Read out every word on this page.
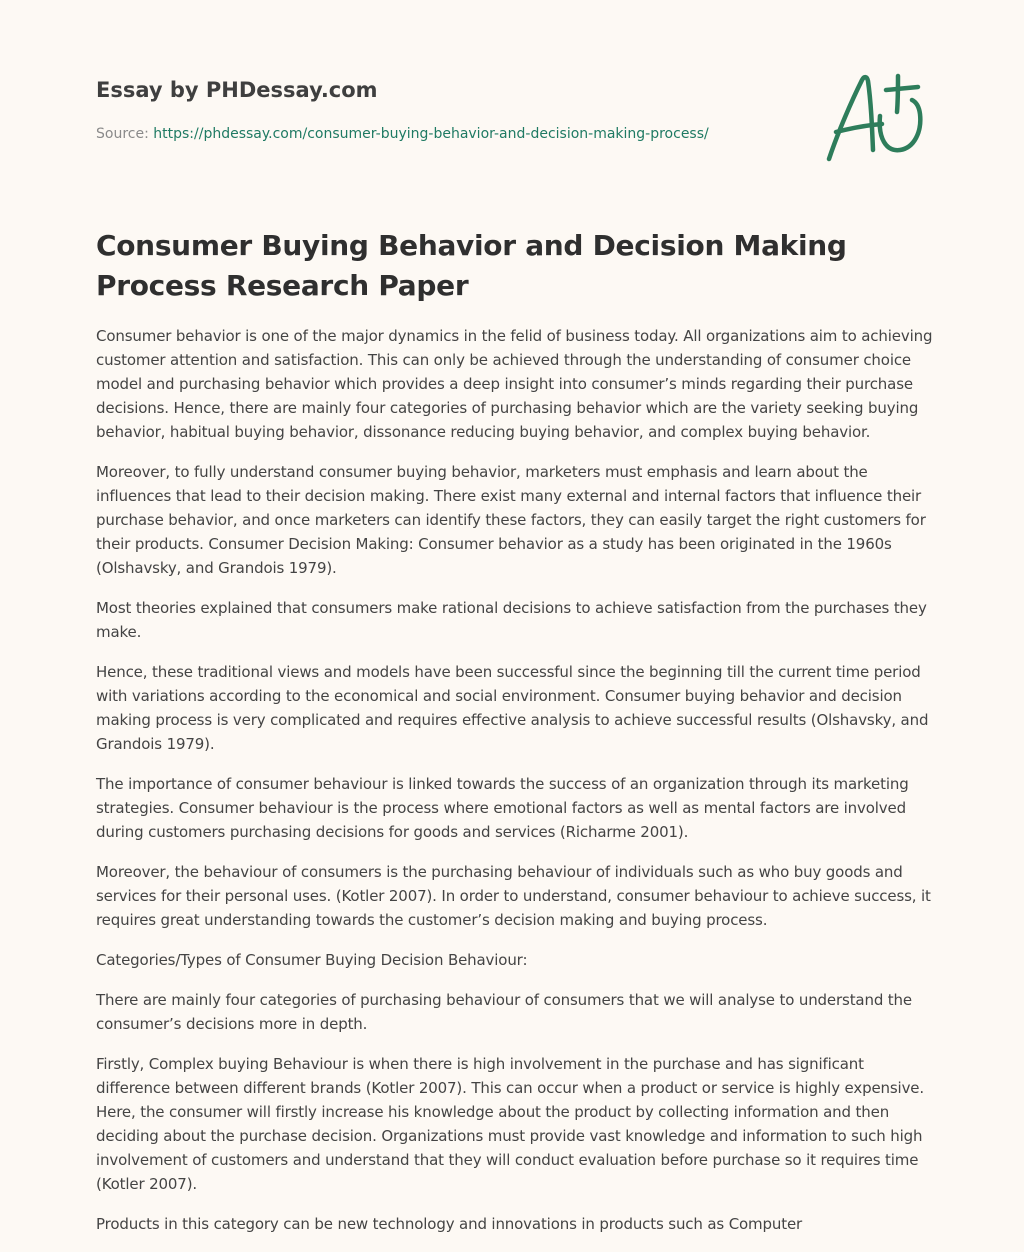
Essay by PHDessay.com
Source: https://phdessay.com/consumer-buying-behavior-and-decision-making-process/
Consumer Buying Behavior and Decision Making Process Research Paper

Consumer behavior is one of the major dynamics in the felid of business today. All organizations aim to achieving customer attention and satisfaction. This can only be achieved through the understanding of consumer choice model and purchasing behavior which provides a deep insight into consumer’s minds regarding their purchase decisions. Hence, there are mainly four categories of purchasing behavior which are the variety seeking buying behavior, habitual buying behavior, dissonance reducing buying behavior, and complex buying behavior.

Moreover, to fully understand consumer buying behavior, marketers must emphasis and learn about the influences that lead to their decision making. There exist many external and internal factors that influence their purchase behavior, and once marketers can identify these factors, they can easily target the right customers for their products. Consumer Decision Making: Consumer behavior as a study has been originated in the 1960s (Olshavsky, and Grandois 1979).

Most theories explained that consumers make rational decisions to achieve satisfaction from the purchases they make.

Hence, these traditional views and models have been successful since the beginning till the current time period with variations according to the economical and social environment. Consumer buying behavior and decision making process is very complicated and requires effective analysis to achieve successful results (Olshavsky, and Grandois 1979).

The importance of consumer behaviour is linked towards the success of an organization through its marketing strategies. Consumer behaviour is the process where emotional factors as well as mental factors are involved during customers purchasing decisions for goods and services (Richarme 2001).

Moreover, the behaviour of consumers is the purchasing behaviour of individuals such as who buy goods and services for their personal uses. (Kotler 2007). In order to understand, consumer behaviour to achieve success, it requires great understanding towards the customer’s decision making and buying process.

Categories/Types of Consumer Buying Decision Behaviour:

There are mainly four categories of purchasing behaviour of consumers that we will analyse to understand the consumer’s decisions more in depth.

Firstly, Complex buying Behaviour is when there is high involvement in the purchase and has significant difference between different brands (Kotler 2007). This can occur when a product or service is highly expensive. Here, the consumer will firstly increase his knowledge about the product by collecting information and then deciding about the purchase decision. Organizations must provide vast knowledge and information to such high involvement of customers and understand that they will conduct evaluation before purchase so it requires time (Kotler 2007).

Products in this category can be new technology and innovations in products such as Computer
